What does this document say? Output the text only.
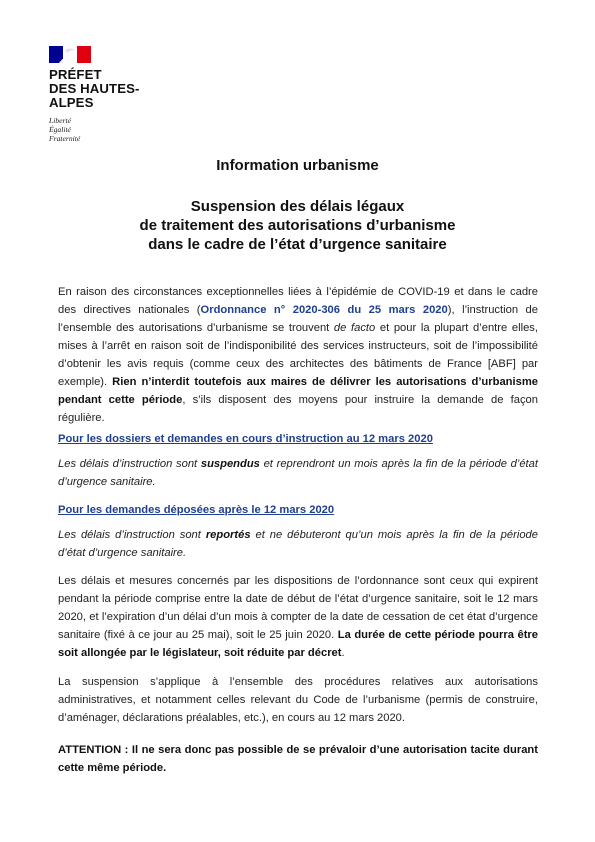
PRÉFET
DES HAUTES-
ALPES
Liberté
Égalité
Fraternité
Information urbanisme
Suspension des délais légaux
de traitement des autorisations d’urbanisme
dans le cadre de l’état d’urgence sanitaire
En raison des circonstances exceptionnelles liées à l’épidémie de COVID-19 et dans le cadre des directives nationales (Ordonnance n° 2020-306 du 25 mars 2020), l’instruction de l’ensemble des autorisations d’urbanisme se trouvent de facto et pour la plupart d’entre elles, mises à l’arrêt en raison soit de l’indisponibilité des services instructeurs, soit de l’impossibilité d’obtenir les avis requis (comme ceux des architectes des bâtiments de France [ABF] par exemple). Rien n’interdit toutefois aux maires de délivrer les autorisations d’urbanisme pendant cette période, s’ils disposent des moyens pour instruire la demande de façon régulière.
Pour les dossiers et demandes en cours d’instruction au 12 mars 2020
Les délais d’instruction sont suspendus et reprendront un mois après la fin de la période d’état d’urgence sanitaire.
Pour les demandes déposées après le 12 mars 2020
Les délais d’instruction sont reportés et ne débuteront qu’un mois après la fin de la période d’état d’urgence sanitaire.
Les délais et mesures concernés par les dispositions de l’ordonnance sont ceux qui expirent pendant la période comprise entre la date de début de l’état d’urgence sanitaire, soit le 12 mars 2020, et l’expiration d’un délai d’un mois à compter de la date de cessation de cet état d’urgence sanitaire (fixé à ce jour au 25 mai), soit le 25 juin 2020. La durée de cette période pourra être soit allongée par le législateur, soit réduite par décret.
La suspension s’applique à l’ensemble des procédures relatives aux autorisations administratives, et notamment celles relevant du Code de l’urbanisme (permis de construire, d’aménager, déclarations préalables, etc.), en cours au 12 mars 2020.
ATTENTION : Il ne sera donc pas possible de se prévaloir d’une autorisation tacite durant cette même période.
